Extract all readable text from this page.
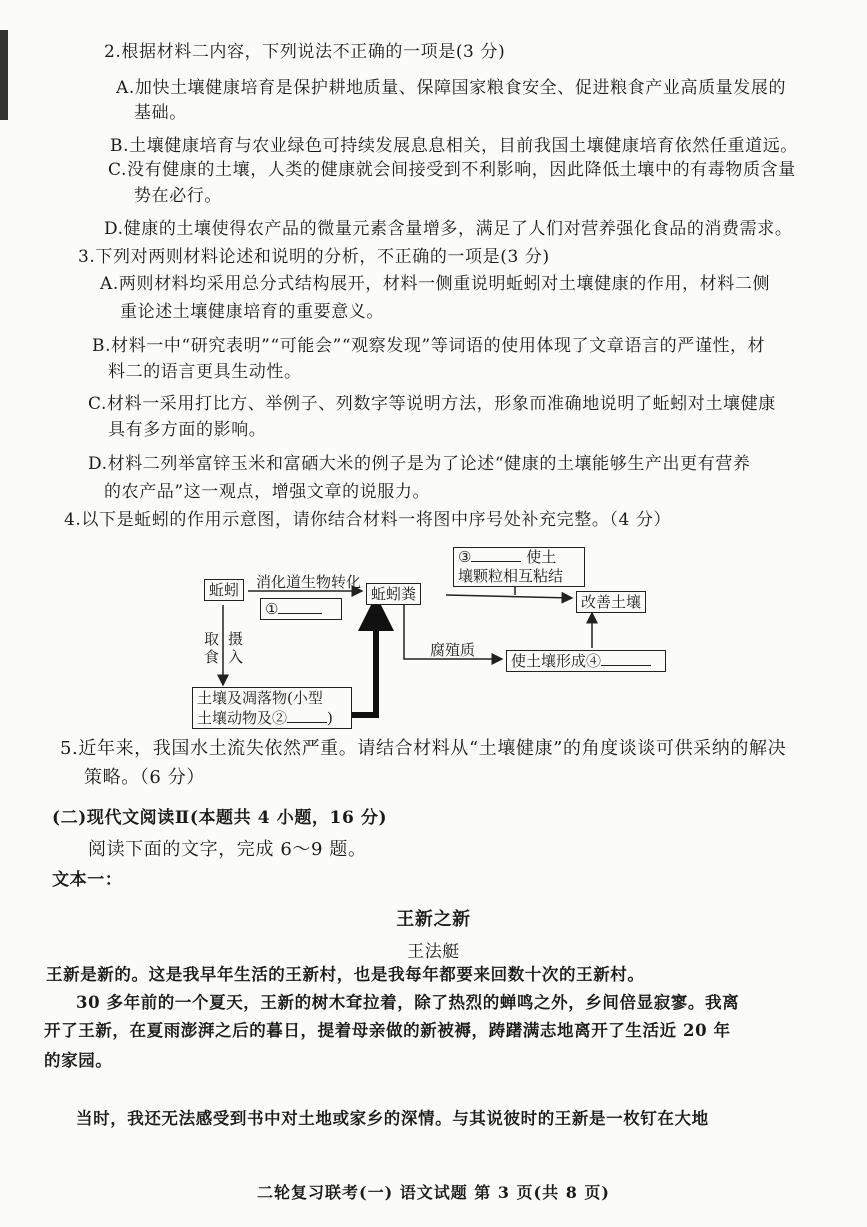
2.根据材料二内容，下列说法不正确的一项是(3 分)
A.加快土壤健康培育是保护耕地质量、保障国家粮食安全、促进粮食产业高质量发展的
基础。
B.土壤健康培育与农业绿色可持续发展息息相关，目前我国土壤健康培育依然任重道远。
C.没有健康的土壤，人类的健康就会间接受到不利影响，因此降低土壤中的有毒物质含量
势在必行。
D.健康的土壤使得农产品的微量元素含量增多，满足了人们对营养强化食品的消费需求。
3.下列对两则材料论述和说明的分析，不正确的一项是(3 分)
A.两则材料均采用总分式结构展开，材料一侧重说明蚯蚓对土壤健康的作用，材料二侧
重论述土壤健康培育的重要意义。
B.材料一中“研究表明”“可能会”“观察发现”等词语的使用体现了文章语言的严谨性，材
料二的语言更具生动性。
C.材料一采用打比方、举例子、列数字等说明方法，形象而准确地说明了蚯蚓对土壤健康
具有多方面的影响。
D.材料二列举富锌玉米和富硒大米的例子是为了论述“健康的土壤能够生产出更有营养
的农产品”这一观点，增强文章的说服力。
4.以下是蚯蚓的作用示意图，请你结合材料一将图中序号处补充完整。（4 分）
蚯蚓	消化道生物转化
①
蚯蚓粪
③	使土
壤颗粒相互粘结
改善土壤
取食
摄入	腐殖质
使土壤形成④
土壤及凋落物(小型
土壤动物及②	)
5.近年来，我国水土流失依然严重。请结合材料从“土壤健康”的角度谈谈可供采纳的解决
策略。（6 分）
(二)现代文阅读Ⅱ(本题共 4 小题，16 分)
阅读下面的文字，完成 6～9 题。
文本一：
王新之新
王法艇
王新是新的。这是我早年生活的王新村，也是我每年都要来回数十次的王新村。
30 多年前的一个夏天，王新的树木耷拉着，除了热烈的蝉鸣之外，乡间倍显寂寥。我离
开了王新，在夏雨澎湃之后的暮日，提着母亲做的新被褥，踌躇满志地离开了生活近 20 年
的家园。
当时，我还无法感受到书中对土地或家乡的深情。与其说彼时的王新是一枚钉在大地
二轮复习联考(一) 语文试题 第 3 页(共 8 页)
